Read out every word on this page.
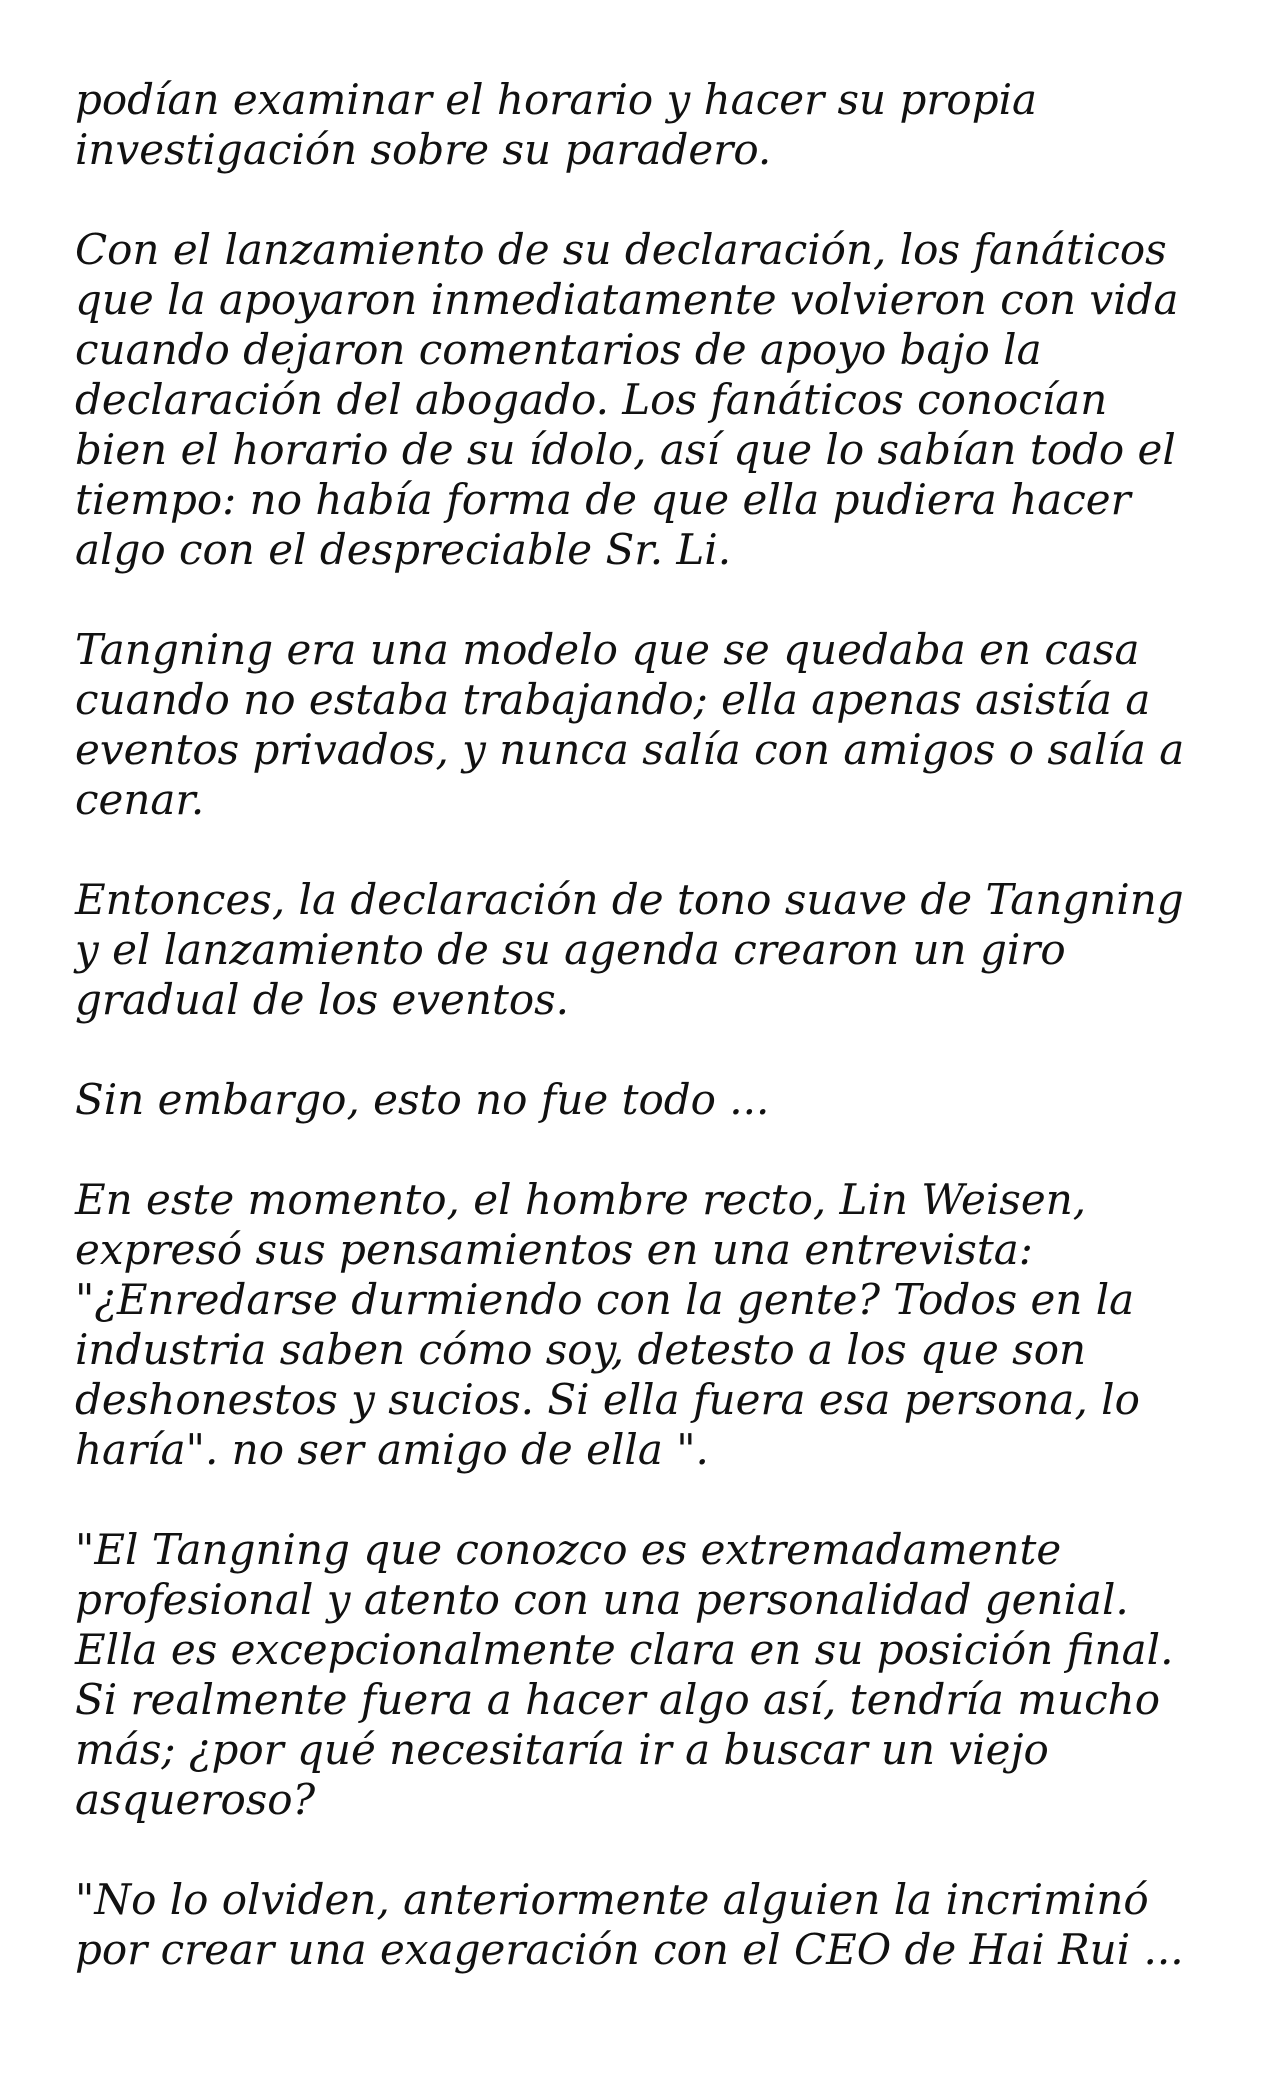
podían examinar el horario y hacer su propia
investigación sobre su paradero.

Con el lanzamiento de su declaración, los fanáticos
que la apoyaron inmediatamente volvieron con vida
cuando dejaron comentarios de apoyo bajo la
declaración del abogado. Los fanáticos conocían
bien el horario de su ídolo, así que lo sabían todo el
tiempo: no había forma de que ella pudiera hacer
algo con el despreciable Sr. Li.

Tangning era una modelo que se quedaba en casa
cuando no estaba trabajando; ella apenas asistía a
eventos privados, y nunca salía con amigos o salía a
cenar.

Entonces, la declaración de tono suave de Tangning
y el lanzamiento de su agenda crearon un giro
gradual de los eventos.

Sin embargo, esto no fue todo ...

En este momento, el hombre recto, Lin Weisen,
expresó sus pensamientos en una entrevista:
"¿Enredarse durmiendo con la gente? Todos en la
industria saben cómo soy, detesto a los que son
deshonestos y sucios. Si ella fuera esa persona, lo
haría". no ser amigo de ella ".

"El Tangning que conozco es extremadamente
profesional y atento con una personalidad genial.
Ella es excepcionalmente clara en su posición final.
Si realmente fuera a hacer algo así, tendría mucho
más; ¿por qué necesitaría ir a buscar un viejo
asqueroso?

"No lo olviden, anteriormente alguien la incriminó
por crear una exageración con el CEO de Hai Rui ...
